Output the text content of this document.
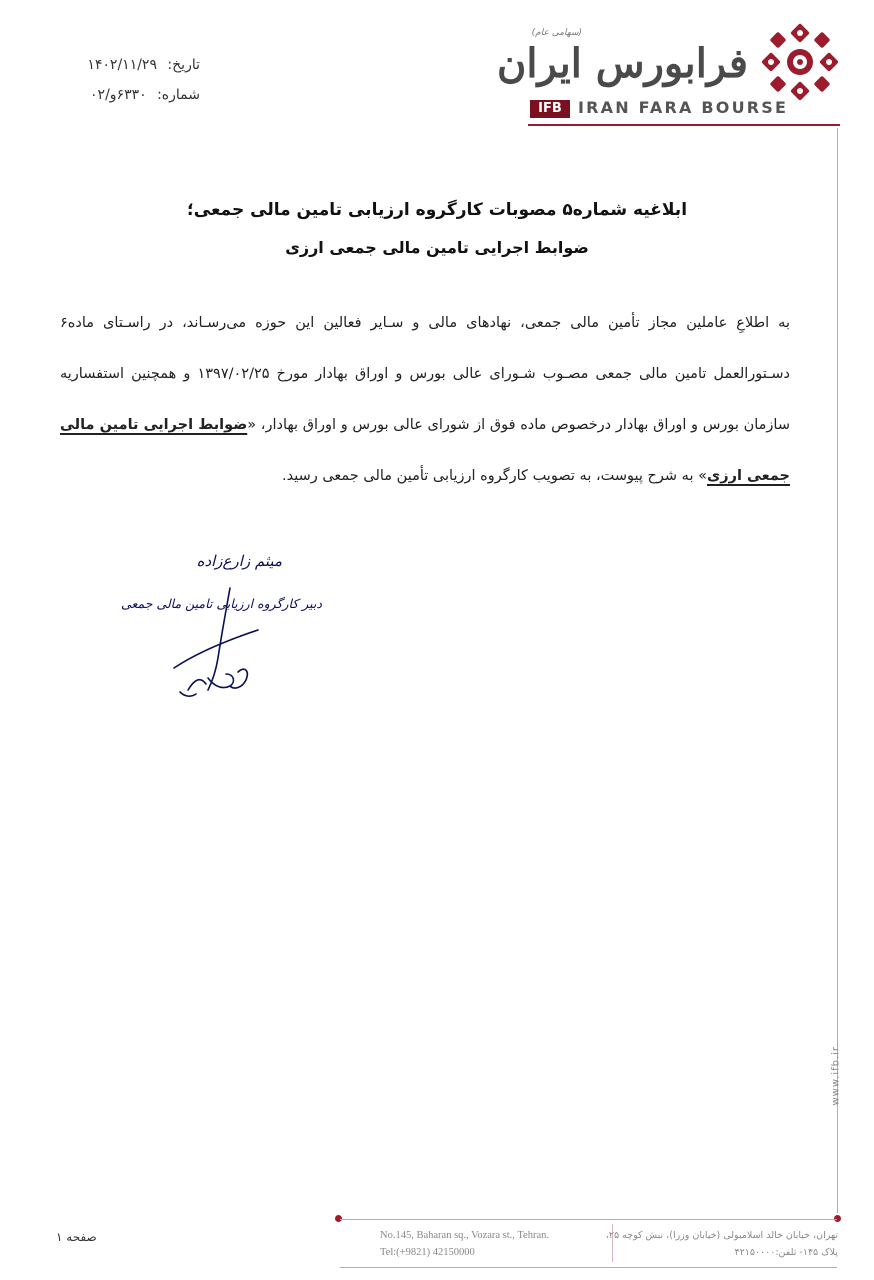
تاریخ: ۱۴۰۲/۱۱/۲۹
شماره: ۶۳۳۰و/۰۲
(سهامی عام)
فرابورس ایران
IFB	IRAN FARA BOURSE
www.ifb.ir
ابلاغیه شماره۵ مصوبات کارگروه ارزیابی تامین مالی جمعی؛
ضوابط اجرایی تامین مالی جمعی ارزی
به اطلاعِ عاملین مجاز تأمین مالی جمعی، نهادهای مالی و سـایر فعالین این حوزه می‌رسـاند، در راسـتای ماده۶ دسـتورالعمل تامین مالی جمعی مصـوب شـورای عالی بورس و اوراق بهادار مورخ ۱۳۹۷/۰۲/۲۵ و همچنین استفساریه سازمان بورس و اوراق بهادار درخصوص ماده فوق از شورای عالی بورس و اوراق بهادار، «ضوابط اجرایی تامین مالی جمعی ارزی» به شرح پیوست، به تصویب کارگروه ارزیابی تأمین مالی جمعی رسید.
میثم زارع‌زاده
دبیر کارگروه ارزیابی تامین مالی جمعی
صفحه ۱	No.145, Baharan sq., Vozara st., Tehran.
Tel:(+9821) 42150000
تهران، خیابان خالد اسلامبولی (خیابان وزرا)، نبش کوچه ۲۵،
پلاک ۱۴۵- تلفن:۴۲۱۵۰۰۰۰
